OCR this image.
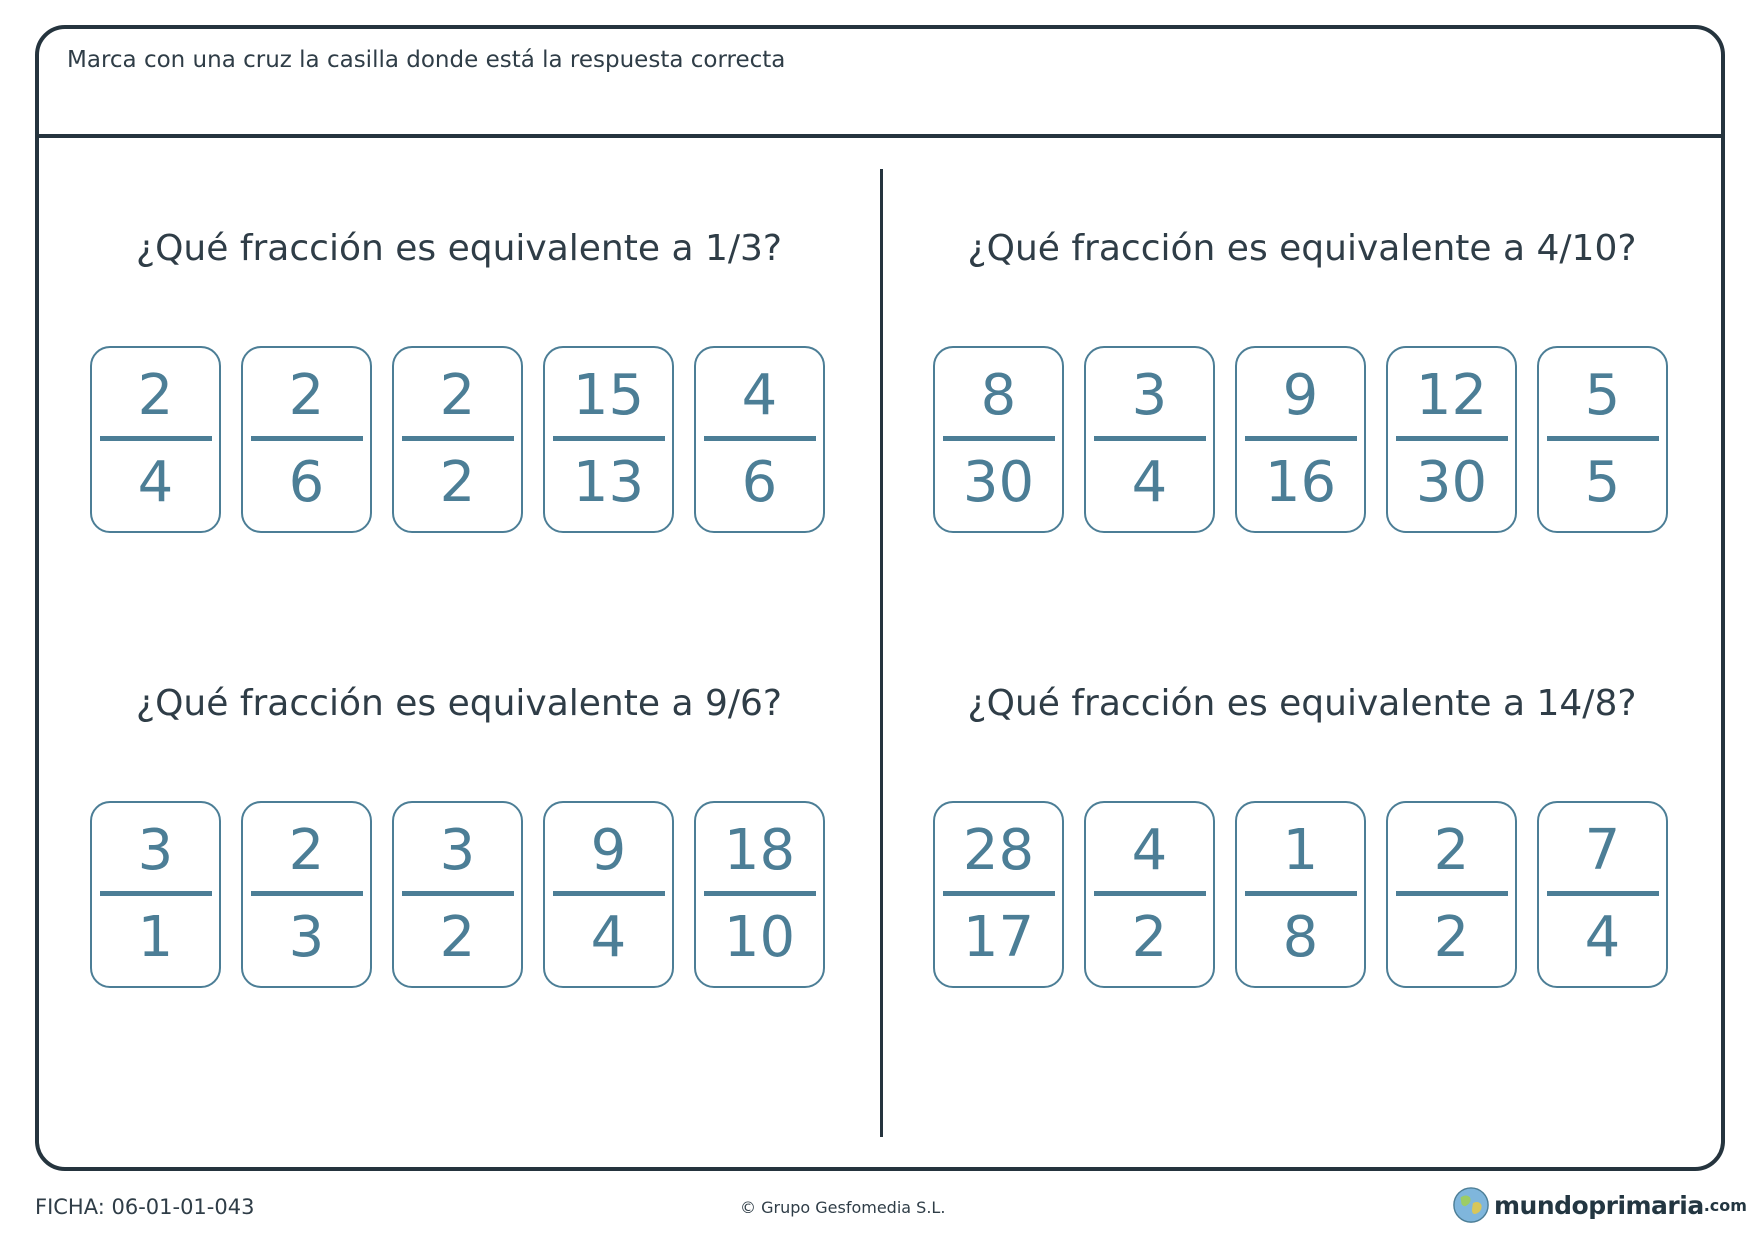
Marca con una cruz la casilla donde está la respuesta correcta
¿Qué fracción es equivalente a 1/3?
2
4
2
6
2
2
15
13
4
6
¿Qué fracción es equivalente a 4/10?
8
30
3
4
9
16
12
30
5
5
¿Qué fracción es equivalente a 9/6?
3
1
2
3
3
2
9
4
18
10
¿Qué fracción es equivalente a 14/8?
28
17
4
2
1
8
2
2
7
4
FICHA: 06-01-01-043	© Grupo Gesfomedia S.L.	mundoprimaria .com
